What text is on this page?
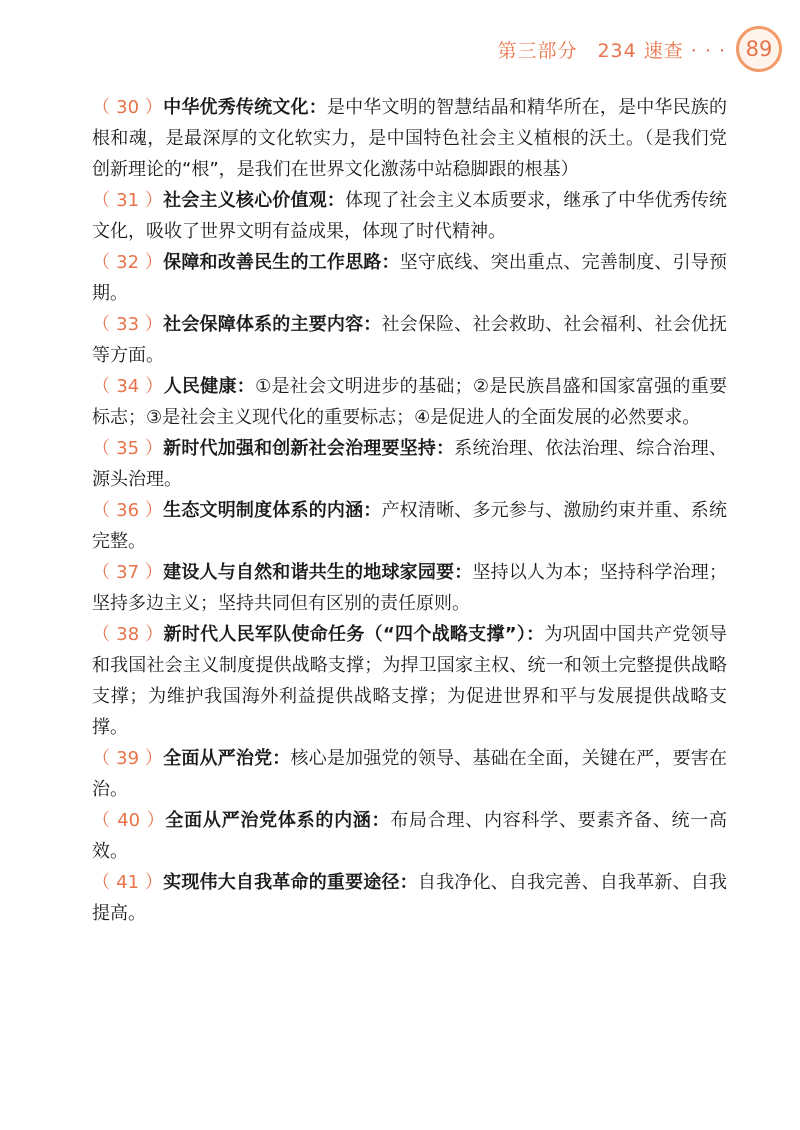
第三部分　234 速查 · · · 89

（ 30 ）中华优秀传统文化：是中华文明的智慧结晶和精华所在，是中华民族的根和魂，是最深厚的文化软实力，是中国特色社会主义植根的沃土。（是我们党创新理论的“根”，是我们在世界文化激荡中站稳脚跟的根基）

（ 31 ）社会主义核心价值观：体现了社会主义本质要求，继承了中华优秀传统文化，吸收了世界文明有益成果，体现了时代精神。

（ 32 ）保障和改善民生的工作思路：坚守底线、突出重点、完善制度、引导预期。

（ 33 ）社会保障体系的主要内容：社会保险、社会救助、社会福利、社会优抚等方面。

（ 34 ）人民健康：①是社会文明进步的基础；②是民族昌盛和国家富强的重要标志；③是社会主义现代化的重要标志；④是促进人的全面发展的必然要求。

（ 35 ）新时代加强和创新社会治理要坚持：系统治理、依法治理、综合治理、源头治理。

（ 36 ）生态文明制度体系的内涵：产权清晰、多元参与、激励约束并重、系统完整。

（ 37 ）建设人与自然和谐共生的地球家园要：坚持以人为本；坚持科学治理；坚持多边主义；坚持共同但有区别的责任原则。

（ 38 ）新时代人民军队使命任务（“四个战略支撑”）：为巩固中国共产党领导和我国社会主义制度提供战略支撑；为捍卫国家主权、统一和领土完整提供战略支撑；为维护我国海外利益提供战略支撑；为促进世界和平与发展提供战略支撑。

（ 39 ）全面从严治党：核心是加强党的领导、基础在全面，关键在严，要害在治。

（ 40 ）全面从严治党体系的内涵：布局合理、内容科学、要素齐备、统一高效。

（ 41 ）实现伟大自我革命的重要途径：自我净化、自我完善、自我革新、自我提高。
